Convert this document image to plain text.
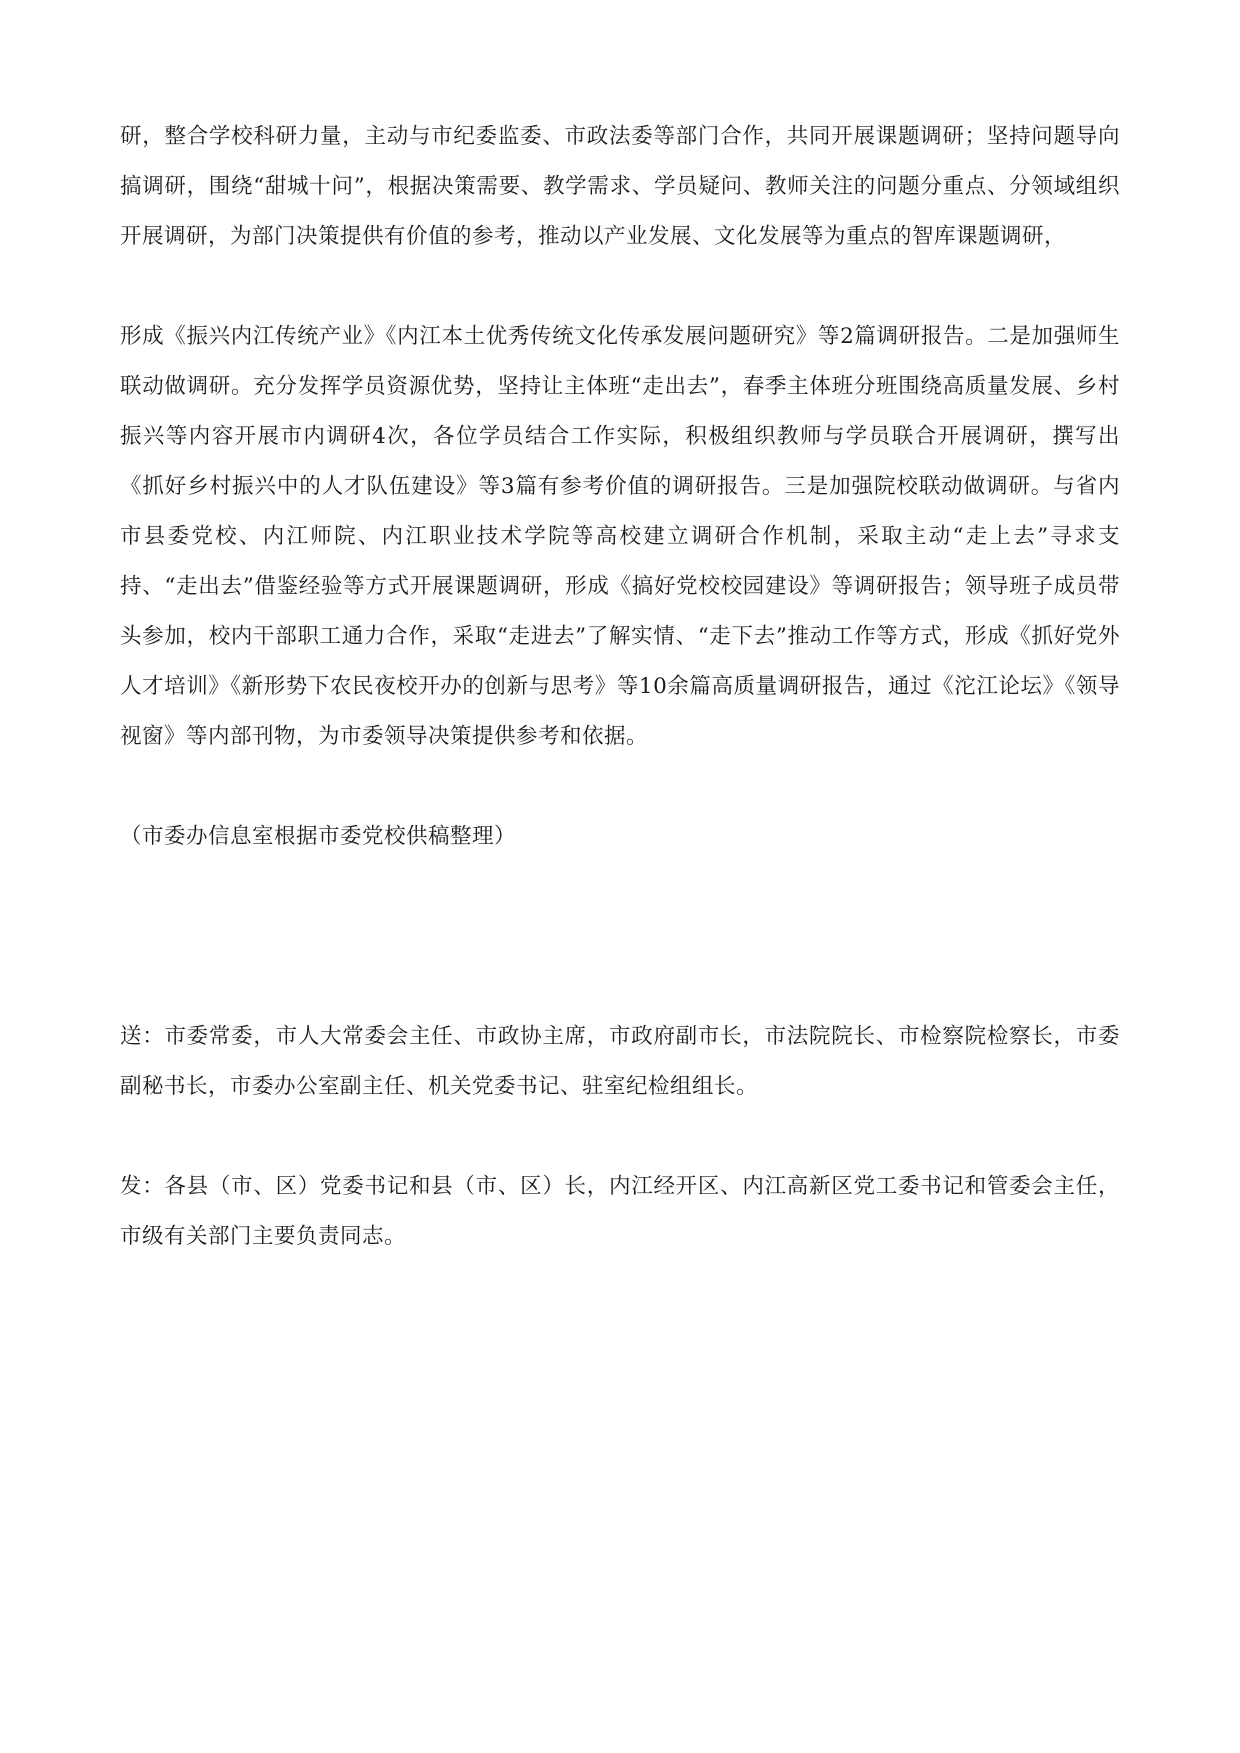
研，整合学校科研力量，主动与市纪委监委、市政法委等部门合作，共同开展课题调研；坚持问题导向搞调研，围绕“甜城十问”，根据决策需要、教学需求、学员疑问、教师关注的问题分重点、分领域组织开展调研，为部门决策提供有价值的参考，推动以产业发展、文化发展等为重点的智库课题调研，

形成《振兴内江传统产业》《内江本土优秀传统文化传承发展问题研究》等2篇调研报告。二是加强师生联动做调研。充分发挥学员资源优势，坚持让主体班“走出去”，春季主体班分班围绕高质量发展、乡村振兴等内容开展市内调研4次，各位学员结合工作实际，积极组织教师与学员联合开展调研，撰写出《抓好乡村振兴中的人才队伍建设》等3篇有参考价值的调研报告。三是加强院校联动做调研。与省内市县委党校、内江师院、内江职业技术学院等高校建立调研合作机制，采取主动“走上去”寻求支持、“走出去”借鉴经验等方式开展课题调研，形成《搞好党校校园建设》等调研报告；领导班子成员带头参加，校内干部职工通力合作，采取“走进去”了解实情、“走下去”推动工作等方式，形成《抓好党外人才培训》《新形势下农民夜校开办的创新与思考》等10余篇高质量调研报告，通过《沱江论坛》《领导视窗》等内部刊物，为市委领导决策提供参考和依据。

（市委办信息室根据市委党校供稿整理）

送：市委常委，市人大常委会主任、市政协主席，市政府副市长，市法院院长、市检察院检察长，市委副秘书长，市委办公室副主任、机关党委书记、驻室纪检组组长。

发：各县（市、区）党委书记和县（市、区）长，内江经开区、内江高新区党工委书记和管委会主任，市级有关部门主要负责同志。
